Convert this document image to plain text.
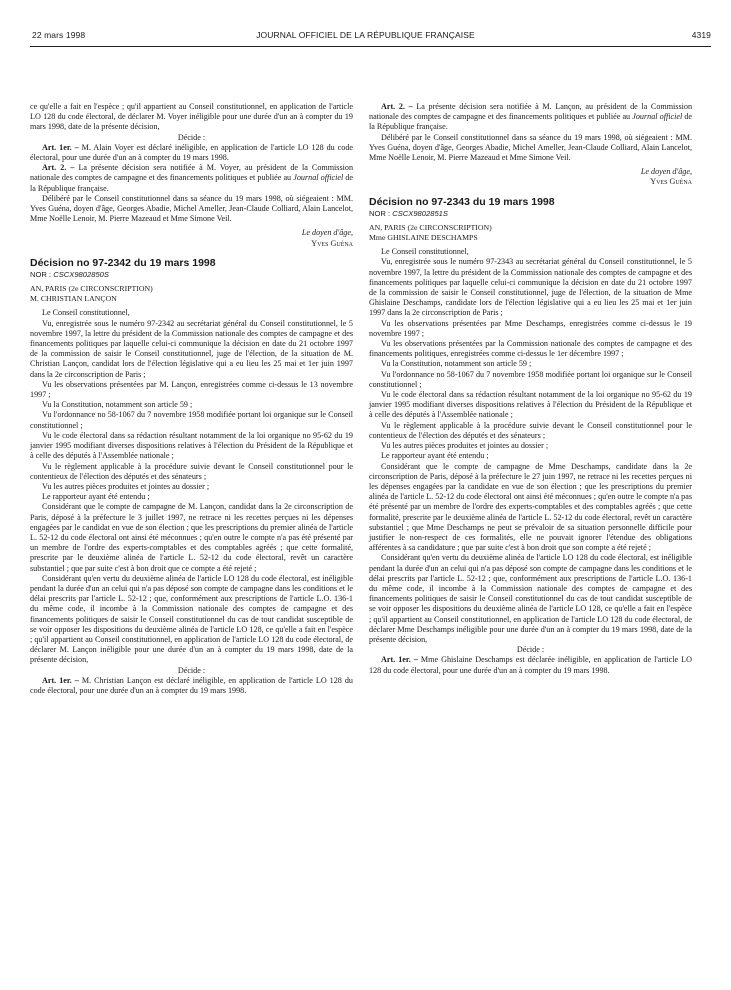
22 mars 1998	JOURNAL OFFICIEL DE LA RÉPUBLIQUE FRANÇAISE	4319

ce qu'elle a fait en l'espèce ; qu'il appartient au Conseil constitutionnel, en application de l'article LO 128 du code électoral, de déclarer M. Voyer inéligible pour une durée d'un an à compter du 19 mars 1998, date de la présente décision,

Décide :

Art. 1er. – M. Alain Voyer est déclaré inéligible, en application de l'article LO 128 du code électoral, pour une durée d'un an à compter du 19 mars 1998.

Art. 2. – La présente décision sera notifiée à M. Voyer, au président de la Commission nationale des comptes de campagne et des financements politiques et publiée au Journal officiel de la République française.

Délibéré par le Conseil constitutionnel dans sa séance du 19 mars 1998, où siégeaient : MM. Yves Guéna, doyen d'âge, Georges Abadie, Michel Ameller, Jean-Claude Colliard, Alain Lancelot, Mme Noëlle Lenoir, M. Pierre Mazeaud et Mme Simone Veil.

Le doyen d'âge,

Yves Guéna

Décision no 97-2342 du 19 mars 1998

NOR : CSCX9802850S

AN, PARIS (2e CIRCONSCRIPTION)

M. CHRISTIAN LANÇON

Le Conseil constitutionnel,

Vu, enregistrée sous le numéro 97-2342 au secrétariat général du Conseil constitutionnel, le 5 novembre 1997, la lettre du président de la Commission nationale des comptes de campagne et des financements politiques par laquelle celui-ci communique la décision en date du 21 octobre 1997 de la commission de saisir le Conseil constitutionnel, juge de l'élection, de la situation de M. Christian Lançon, candidat lors de l'élection législative qui a eu lieu les 25 mai et 1er juin 1997 dans la 2e circonscription de Paris ;

Vu les observations présentées par M. Lançon, enregistrées comme ci-dessus le 13 novembre 1997 ;

Vu la Constitution, notamment son article 59 ;

Vu l'ordonnance no 58-1067 du 7 novembre 1958 modifiée portant loi organique sur le Conseil constitutionnel ;

Vu le code électoral dans sa rédaction résultant notamment de la loi organique no 95-62 du 19 janvier 1995 modifiant diverses dispositions relatives à l'élection du Président de la République et à celle des députés à l'Assemblée nationale ;

Vu le règlement applicable à la procédure suivie devant le Conseil constitutionnel pour le contentieux de l'élection des députés et des sénateurs ;

Vu les autres pièces produites et jointes au dossier ;

Le rapporteur ayant été entendu ;

Considérant que le compte de campagne de M. Lançon, candidat dans la 2e circonscription de Paris, déposé à la préfecture le 3 juillet 1997, ne retrace ni les recettes perçues ni les dépenses engagées par le candidat en vue de son élection ; que les prescriptions du premier alinéa de l'article L. 52-12 du code électoral ont ainsi été méconnues ; qu'en outre le compte n'a pas été présenté par un membre de l'ordre des experts-comptables et des comptables agréés ; que cette formalité, prescrite par le deuxième alinéa de l'article L. 52-12 du code électoral, revêt un caractère substantiel ; que par suite c'est à bon droit que ce compte a été rejeté ;

Considérant qu'en vertu du deuxième alinéa de l'article LO 128 du code électoral, est inéligible pendant la durée d'un an celui qui n'a pas déposé son compte de campagne dans les conditions et le délai prescrits par l'article L. 52-12 ; que, conformément aux prescriptions de l'article L.O. 136-1 du même code, il incombe à la Commission nationale des comptes de campagne et des financements politiques de saisir le Conseil constitutionnel du cas de tout candidat susceptible de se voir opposer les dispositions du deuxième alinéa de l'article LO 128, ce qu'elle a fait en l'espèce ; qu'il appartient au Conseil constitutionnel, en application de l'article LO 128 du code électoral, de déclarer M. Lançon inéligible pour une durée d'un an à compter du 19 mars 1998, date de la présente décision,

Décide :

Art. 1er. – M. Christian Lançon est déclaré inéligible, en application de l'article LO 128 du code électoral, pour une durée d'un an à compter du 19 mars 1998.

Art. 2. – La présente décision sera notifiée à M. Lançon, au président de la Commission nationale des comptes de campagne et des financements politiques et publiée au Journal officiel de la République française.

Délibéré par le Conseil constitutionnel dans sa séance du 19 mars 1998, où siégeaient : MM. Yves Guéna, doyen d'âge, Georges Abadie, Michel Ameller, Jean-Claude Colliard, Alain Lancelot, Mme Noëlle Lenoir, M. Pierre Mazeaud et Mme Simone Veil.

Le doyen d'âge,

Yves Guéna

Décision no 97-2343 du 19 mars 1998

NOR : CSCX9802851S

AN, PARIS (2e CIRCONSCRIPTION)

Mme GHISLAINE DESCHAMPS

Le Conseil constitutionnel,

Vu, enregistrée sous le numéro 97-2343 au secrétariat général du Conseil constitutionnel, le 5 novembre 1997, la lettre du président de la Commission nationale des comptes de campagne et des financements politiques par laquelle celui-ci communique la décision en date du 21 octobre 1997 de la commission de saisir le Conseil constitutionnel, juge de l'élection, de la situation de Mme Ghislaine Deschamps, candidate lors de l'élection législative qui a eu lieu les 25 mai et 1er juin 1997 dans la 2e circonscription de Paris ;

Vu les observations présentées par Mme Deschamps, enregistrées comme ci-dessus le 19 novembre 1997 ;

Vu les observations présentées par la Commission nationale des comptes de campagne et des financements politiques, enregistrées comme ci-dessus le 1er décembre 1997 ;

Vu la Constitution, notamment son article 59 ;

Vu l'ordonnance no 58-1067 du 7 novembre 1958 modifiée portant loi organique sur le Conseil constitutionnel ;

Vu le code électoral dans sa rédaction résultant notamment de la loi organique no 95-62 du 19 janvier 1995 modifiant diverses dispositions relatives à l'élection du Président de la République et à celle des députés à l'Assemblée nationale ;

Vu le règlement applicable à la procédure suivie devant le Conseil constitutionnel pour le contentieux de l'élection des députés et des sénateurs ;

Vu les autres pièces produites et jointes au dossier ;

Le rapporteur ayant été entendu ;

Considérant que le compte de campagne de Mme Deschamps, candidate dans la 2e circonscription de Paris, déposé à la préfecture le 27 juin 1997, ne retrace ni les recettes perçues ni les dépenses engagées par la candidate en vue de son élection ; que les prescriptions du premier alinéa de l'article L. 52-12 du code électoral ont ainsi été méconnues ; qu'en outre le compte n'a pas été présenté par un membre de l'ordre des experts-comptables et des comptables agréés ; que cette formalité, prescrite par le deuxième alinéa de l'article L. 52-12 du code électoral, revêt un caractère substantiel ; que Mme Deschamps ne peut se prévaloir de sa situation personnelle difficile pour justifier le non-respect de ces formalités, elle ne pouvait ignorer l'étendue des obligations afférentes à sa candidature ; que par suite c'est à bon droit que son compte a été rejeté ;

Considérant qu'en vertu du deuxième alinéa de l'article LO 128 du code électoral, est inéligible pendant la durée d'un an celui qui n'a pas déposé son compte de campagne dans les conditions et le délai prescrits par l'article L. 52-12 ; que, conformément aux prescriptions de l'article L.O. 136-1 du même code, il incombe à la Commission nationale des comptes de campagne et des financements politiques de saisir le Conseil constitutionnel du cas de tout candidat susceptible de se voir opposer les dispositions du deuxième alinéa de l'article LO 128, ce qu'elle a fait en l'espèce ; qu'il appartient au Conseil constitutionnel, en application de l'article LO 128 du code électoral, de déclarer Mme Deschamps inéligible pour une durée d'un an à compter du 19 mars 1998, date de la présente décision,

Décide :

Art. 1er. – Mme Ghislaine Deschamps est déclarée inéligible, en application de l'article LO 128 du code électoral, pour une durée d'un an à compter du 19 mars 1998.
